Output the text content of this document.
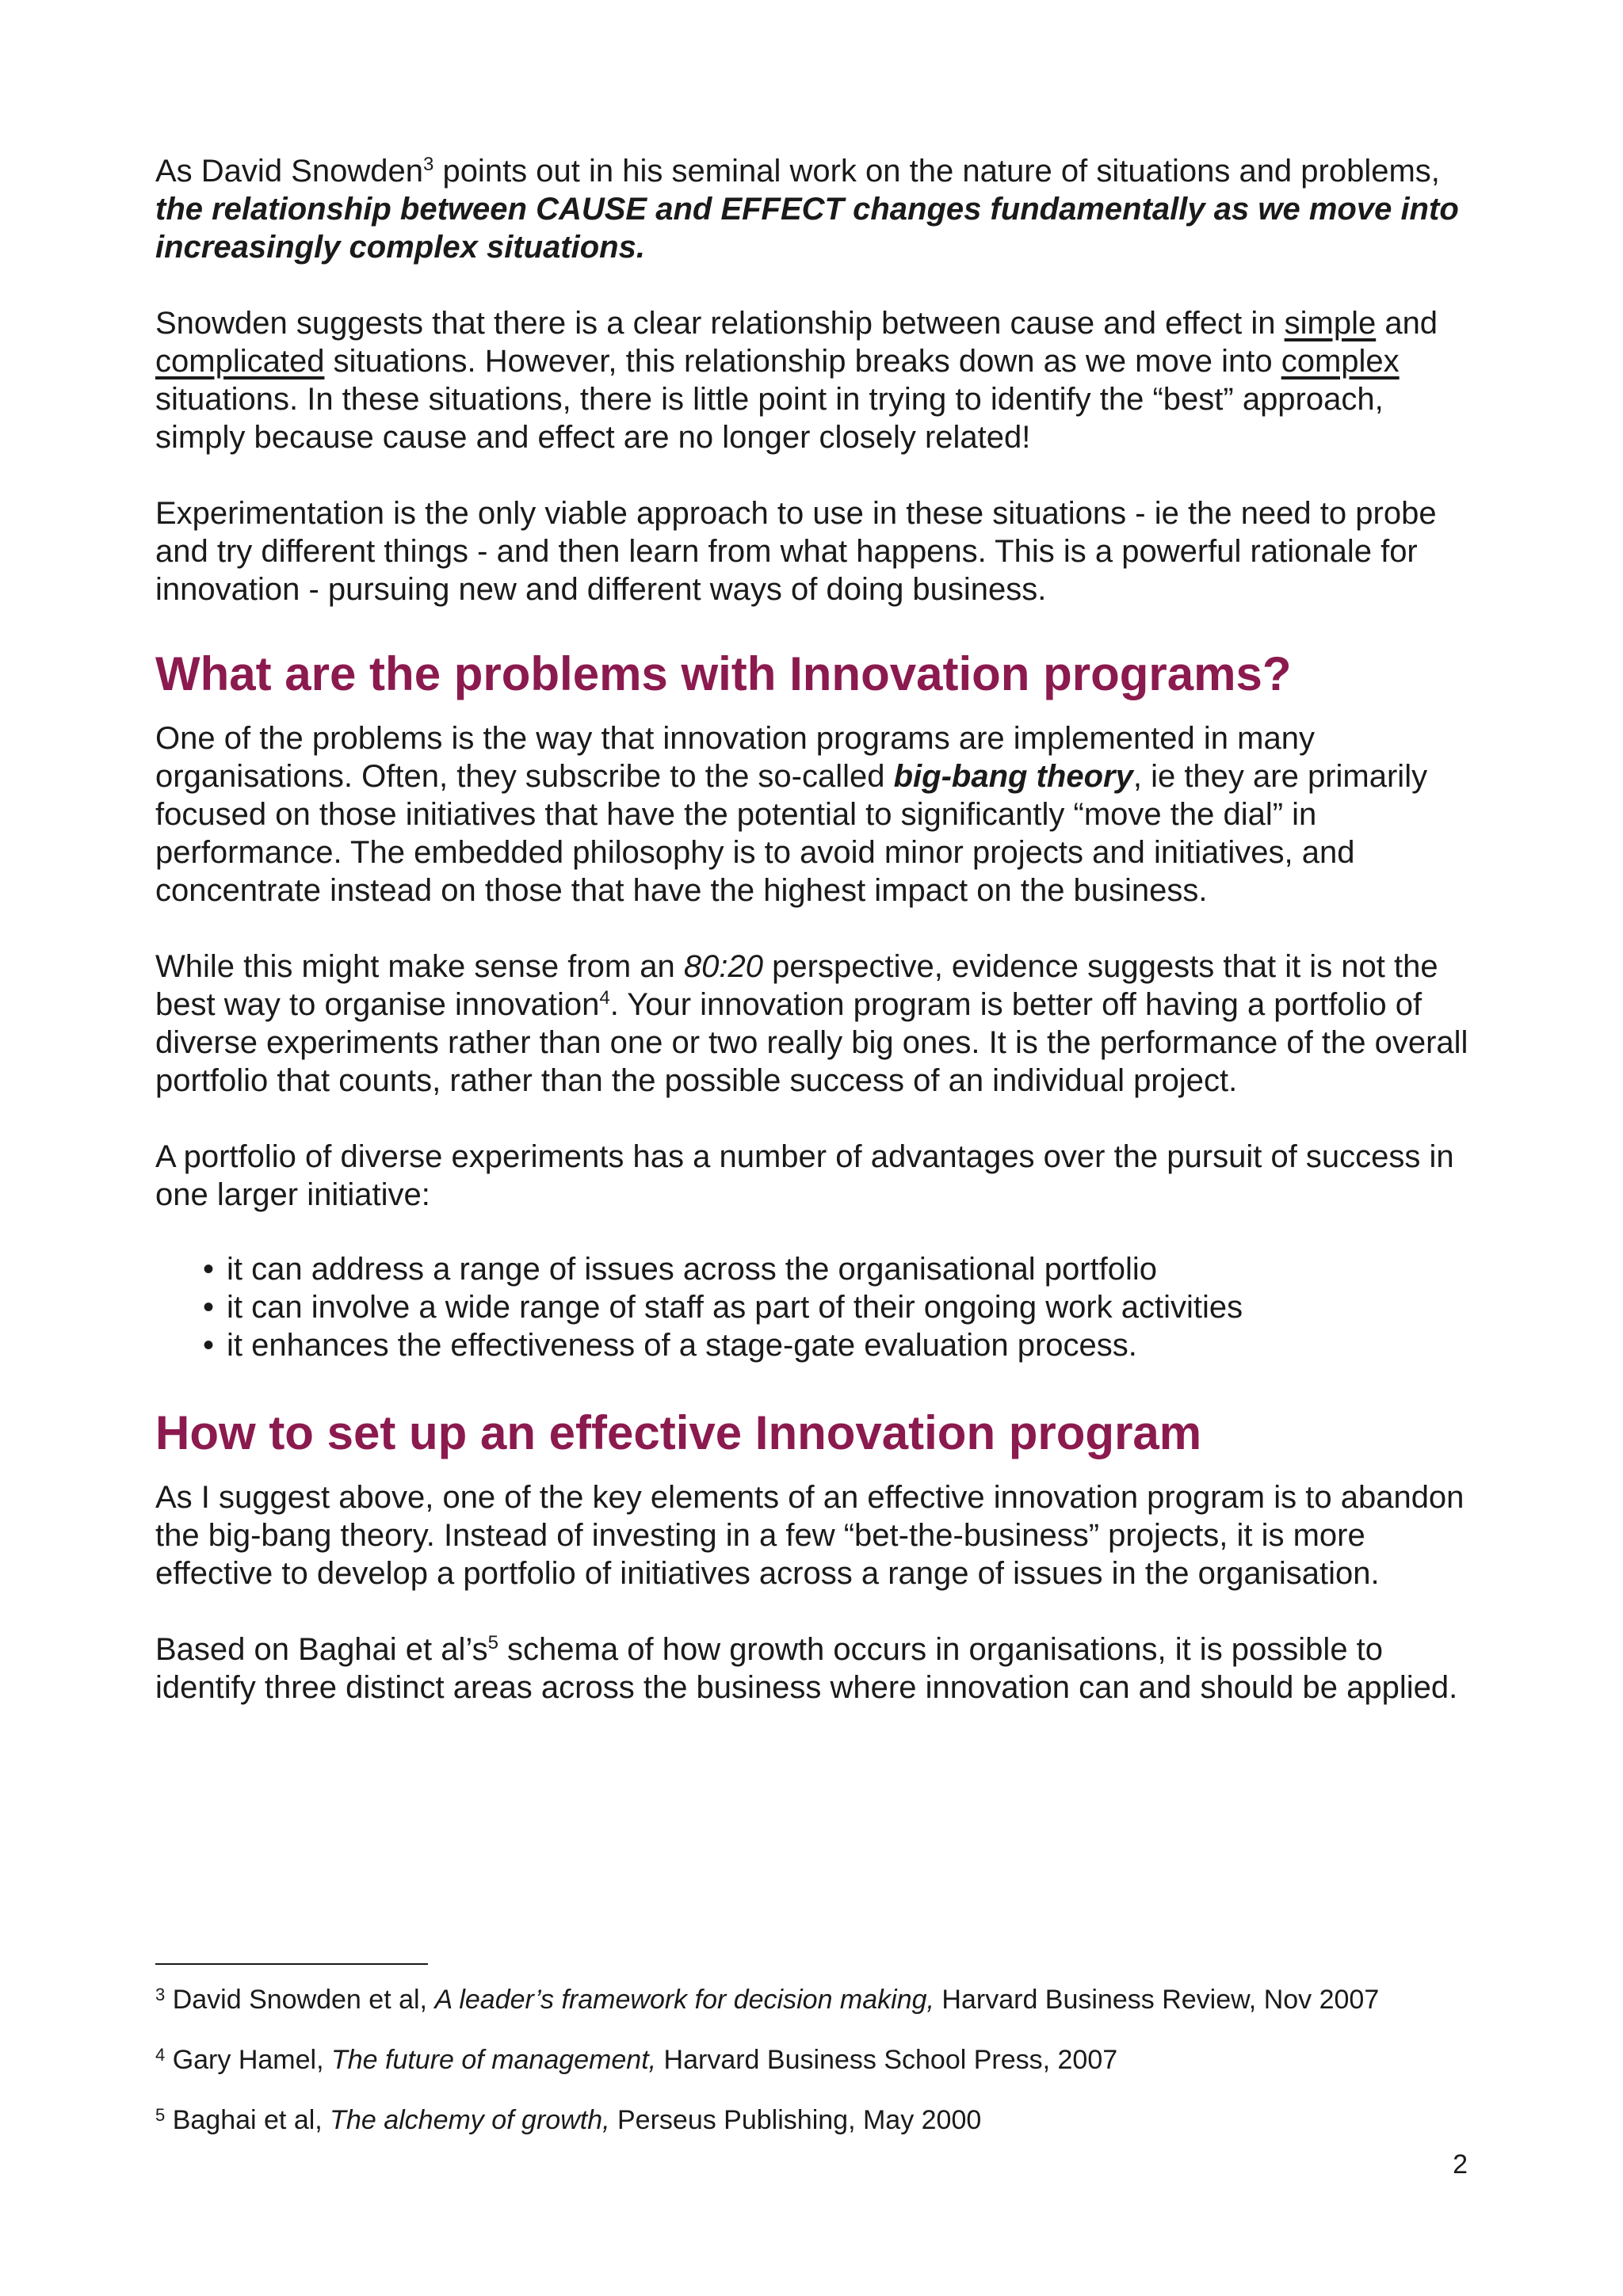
As David Snowden$^3$ points out in his seminal work on the nature of situations and problems, the relationship between CAUSE and EFFECT changes fundamentally as we move into increasingly complex situations.

Snowden suggests that there is a clear relationship between cause and effect in simple and complicated situations. However, this relationship breaks down as we move into complex situations. In these situations, there is little point in trying to identify the “best” approach, simply because cause and effect are no longer closely related!

Experimentation is the only viable approach to use in these situations - ie the need to probe and try different things - and then learn from what happens. This is a powerful rationale for innovation - pursuing new and different ways of doing business.

What are the problems with Innovation programs?

One of the problems is the way that innovation programs are implemented in many organisations. Often, they subscribe to the so-called big-bang theory, ie they are primarily focused on those initiatives that have the potential to significantly “move the dial” in performance. The embedded philosophy is to avoid minor projects and initiatives, and concentrate instead on those that have the highest impact on the business.

While this might make sense from an 80:20 perspective, evidence suggests that it is not the best way to organise innovation$^4$. Your innovation program is better off having a portfolio of diverse experiments rather than one or two really big ones. It is the performance of the overall portfolio that counts, rather than the possible success of an individual project.

A portfolio of diverse experiments has a number of advantages over the pursuit of success in one larger initiative:

• it can address a range of issues across the organisational portfolio
• it can involve a wide range of staff as part of their ongoing work activities
• it enhances the effectiveness of a stage-gate evaluation process.
How to set up an effective Innovation program

As I suggest above, one of the key elements of an effective innovation program is to abandon the big-bang theory. Instead of investing in a few “bet-the-business” projects, it is more effective to develop a portfolio of initiatives across a range of issues in the organisation.

Based on Baghai et $al’s^5$ schema of how growth occurs in organisations, it is possible to identify three distinct areas across the business where innovation can and should be applied.

$^3$ David Snowden et al, A leader’s framework for decision making, Harvard Business Review, Nov 2007

$^4$ Gary Hamel, The future of management, Harvard Business School Press, 2007

$^5$ Baghai et al, The alchemy of growth, Perseus Publishing, May 2000

2
